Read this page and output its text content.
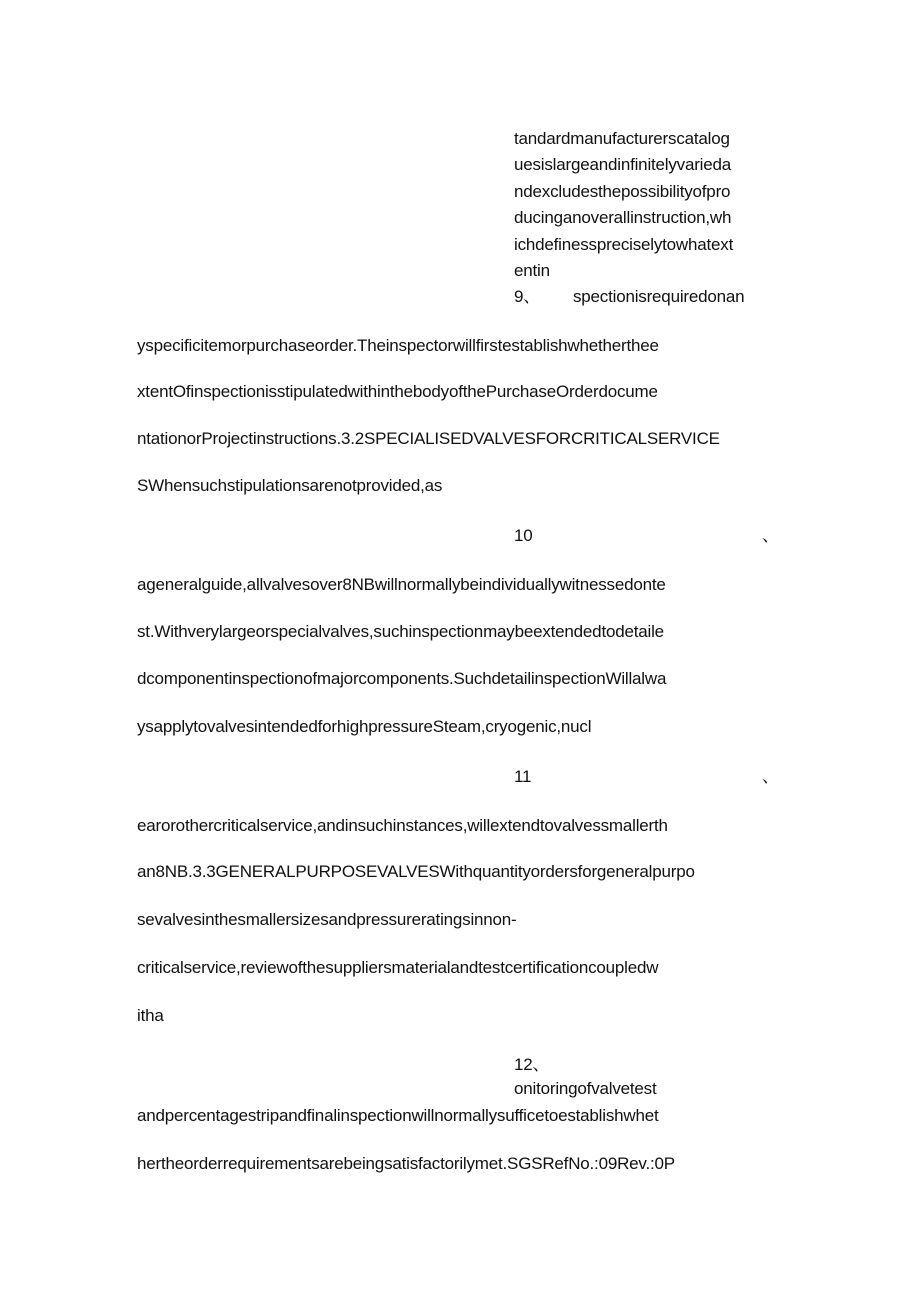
tandardmanufacturerscatalog
uesislargeandinfinitelyvarieda
ndexcludesthepossibilityofpro
ducinganoverallinstruction,wh
ichdefinesspreciselytowhatext
entin
9、 spectionisrequiredonan
yspecificitemorpurchaseorder.Theinspectorwillfirstestablishwhetherthee
xtentOfinspectionisstipulatedwithinthebodyofthePurchaseOrderdocume
ntationorProjectinstructions.3.2SPECIALISEDVALVESFORCRITICALSERVICE
SWhensuchstipulationsarenotprovided,as
10	、
ageneralguide,allvalvesover8NBwillnormallybeindividuallywitnessedonte
st.Withverylargeorspecialvalves,suchinspectionmaybeextendedtodetaile
dcomponentinspectionofmajorcomponents.SuchdetailinspectionWillalwa
ysapplytovalvesintendedforhighpressureSteam,cryogenic,nucl
11	、
earorothercriticalservice,andinsuchinstances,willextendtovalvessmallerth
an8NB.3.3GENERALPURPOSEVALVESWithquantityordersforgeneralpurpo
sevalvesinthesmallersizesandpressureratingsinnon-
criticalservice,reviewofthesuppliersmaterialandtestcertificationcoupledw
itha
12、
onitoringofvalvetest
andpercentagestripandfinalinspectionwillnormallysufficetoestablishwhet
hertheorderrequirementsarebeingsatisfactorilymet.SGSRefNo.:09Rev.:0P
